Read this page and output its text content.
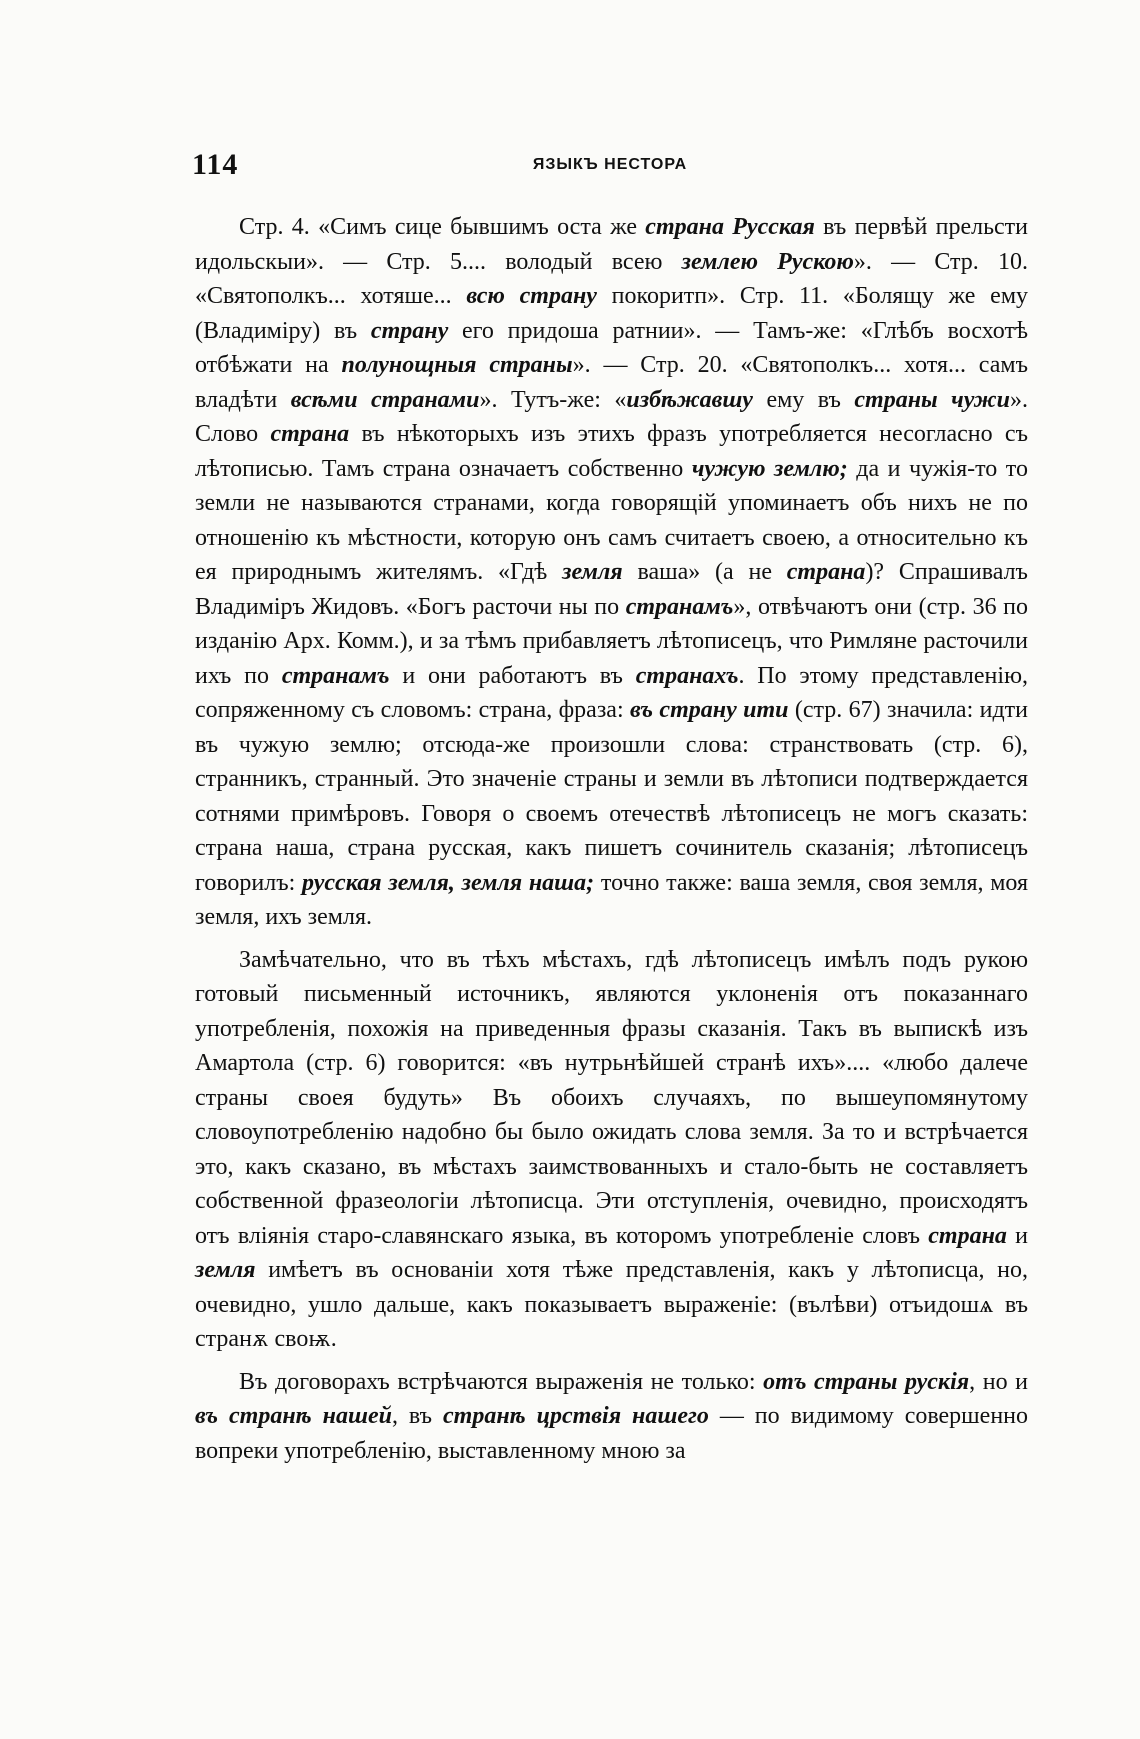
114	ЯЗЫКЪ НЕСТОРА

Стр. 4. «Симъ сице бывшимъ оста же страна Русская въ первѣй прельсти идольскыи». — Стр. 5.... володый всею землею Рускою». — Стр. 10. «Святополкъ... хотяше... всю страну покоритп». Стр. 11. «Болящу же ему (Владиміру) въ страну его придоша ратнии». — Тамъ-же: «Глѣбъ восхотѣ отбѣжати на полунощныя страны». — Стр. 20. «Святополкъ... хотя... самъ владѣти всѣми странами». Тутъ-же: «избѣжавшу ему въ страны чужи». Слово страна въ нѣкоторыхъ изъ этихъ фразъ употребляется несогласно съ лѣтописью. Тамъ страна означаетъ собственно чужую землю; да и чужія-то то земли не называются странами, когда говорящій упоминаетъ объ нихъ не по отношенію къ мѣстности, которую онъ самъ считаетъ своею, а относительно къ ея природнымъ жителямъ. «Гдѣ земля ваша» (а не страна)? Спрашивалъ Владиміръ Жидовъ. «Богъ расточи ны по странамъ», отвѣчаютъ они (стр. 36 по изданію Арх. Комм.), и за тѣмъ прибавляетъ лѣтописецъ, что Римляне расточили ихъ по странамъ и они работаютъ въ странахъ. По этому представленію, сопряженному съ словомъ: страна, фраза: въ страну ити (стр. 67) значила: идти въ чужую землю; отсюда-же произошли слова: странствовать (стр. 6), странникъ, странный. Это значеніе страны и земли въ лѣтописи подтверждается сотнями примѣровъ. Говоря о своемъ отечествѣ лѣтописецъ не могъ сказать: страна наша, страна русская, какъ пишетъ сочинитель сказанія; лѣтописецъ говорилъ: русская земля, земля наша; точно также: ваша земля, своя земля, моя земля, ихъ земля.

Замѣчательно, что въ тѣхъ мѣстахъ, гдѣ лѣтописецъ имѣлъ подъ рукою готовый письменный источникъ, являются уклоненія отъ показаннаго употребленія, похожія на приведенныя фразы сказанія. Такъ въ выпискѣ изъ Амартола (стр. 6) говорится: «въ нутрьнѣйшей странѣ ихъ».... «любо далече страны своея будуть» Въ обоихъ случаяхъ, по вышеупомянутому словоупотребленію надобно бы было ожидать слова земля. За то и встрѣчается это, какъ сказано, въ мѣстахъ заимствованныхъ и стало-быть не составляетъ собственной фразеологіи лѣтописца. Эти отступленія, очевидно, происходятъ отъ вліянія старо-славянскаго языка, въ которомъ употребленіе словъ страна и земля имѣетъ въ основаніи хотя тѣже представленія, какъ у лѣтописца, но, очевидно, ушло дальше, какъ показываетъ выраженіе: (вълѣви) отъидошѧ въ странѫ своѭ.

Въ договорахъ встрѣчаются выраженія не только: отъ страны рускія, но и въ странѣ нашей, въ странѣ црствія нашего — по видимому совершенно вопреки употребленію, выставленному мною за
